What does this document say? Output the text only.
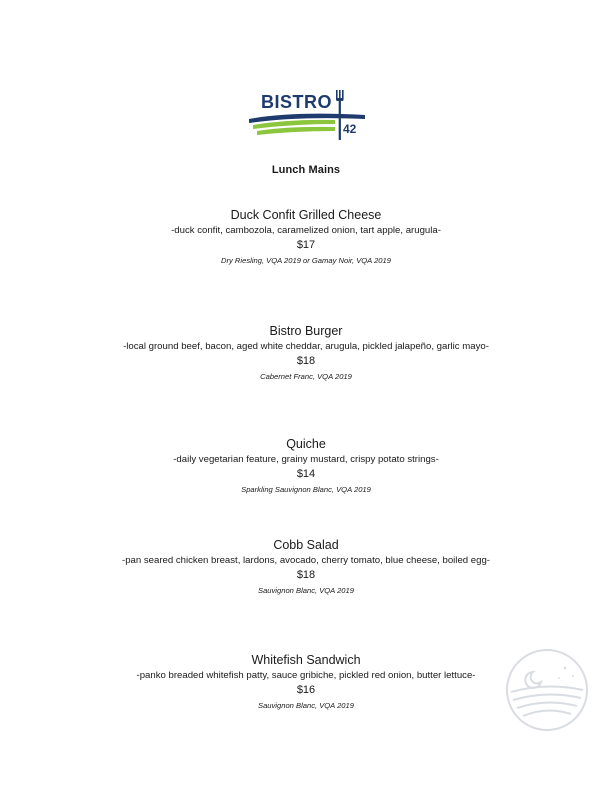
BISTRO
42
Lunch Mains
Duck Confit Grilled Cheese
-duck confit, cambozola, caramelized onion, tart apple, arugula-
$17
Dry Riesling, VQA 2019 or Gamay Noir, VQA 2019
Bistro Burger
-local ground beef, bacon, aged white cheddar, arugula, pickled jalapeño, garlic mayo-
$18
Cabernet Franc, VQA 2019
Quiche
-daily vegetarian feature, grainy mustard, crispy potato strings-
$14
Sparkling Sauvignon Blanc, VQA 2019
Cobb Salad
-pan seared chicken breast, lardons, avocado, cherry tomato, blue cheese, boiled egg-
$18
Sauvignon Blanc, VQA 2019
Whitefish Sandwich
-panko breaded whitefish patty, sauce gribiche, pickled red onion, butter lettuce-
$16
Sauvignon Blanc, VQA 2019
